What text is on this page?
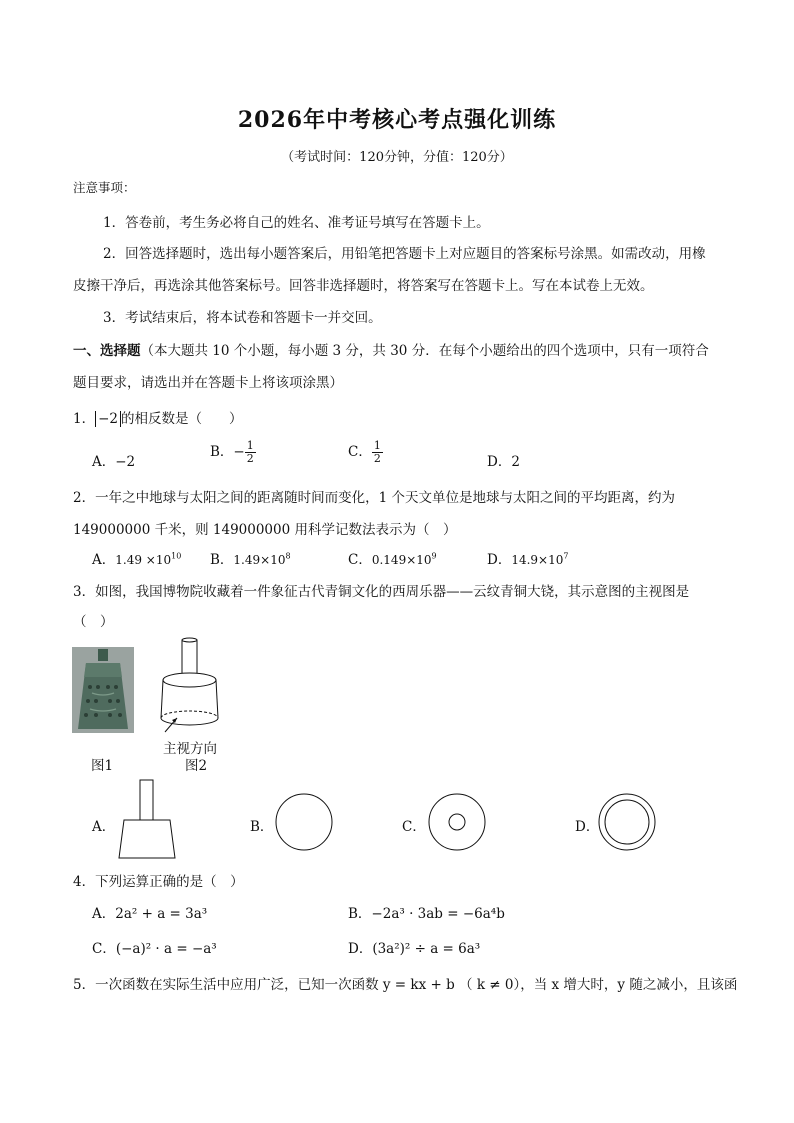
2026年中考核心考点强化训练
（考试时间：120分钟，分值：120分）
注意事项：
1．答卷前，考生务必将自己的姓名、准考证号填写在答题卡上。
2．回答选择题时，选出每小题答案后，用铅笔把答题卡上对应题目的答案标号涂黑。如需改动，用橡
皮擦干净后，再选涂其他答案标号。回答非选择题时，将答案写在答题卡上。写在本试卷上无效。
3．考试结束后，将本试卷和答题卡一并交回。
一、选择题（本大题共 10 个小题，每小题 3 分，共 30 分．在每个小题给出的四个选项中，只有一项符合
题目要求，请选出并在答题卡上将该项涂黑）
1． −2 的相反数是（　　）
A．−2
B．− $\frac{1}{2}$	C． $\frac{1}{2}$	D．2
2．一年之中地球与太阳之间的距离随时间而变化，1 个天文单位是地球与太阳之间的平均距离，约为
149000000 千米，则 149000000 用科学记数法表示为（　）
A．$1.49 \times 10^{10}$ B．$1.49\times 10^8$	C．$0.149\times 10^9$	D．$14.9\times 10^7$
3．如图，我国博物院收藏着一件象征古代青铜文化的西周乐器——云纹青铜大铙，其示意图的主视图是
（　）
图1
主视方向
图2
A．	B．	C．	D．
4．下列运算正确的是（　）
A．2a² + a = 3a³	B．−2a³ · 3ab = −6a⁴b
C．(−a)² · a = −a³	D．(3a²)² ÷ a = 6a³
5．一次函数在实际生活中应用广泛，已知一次函数 y = kx + b （ k ≠ 0），当 x 增大时，y 随之减小，且该函
